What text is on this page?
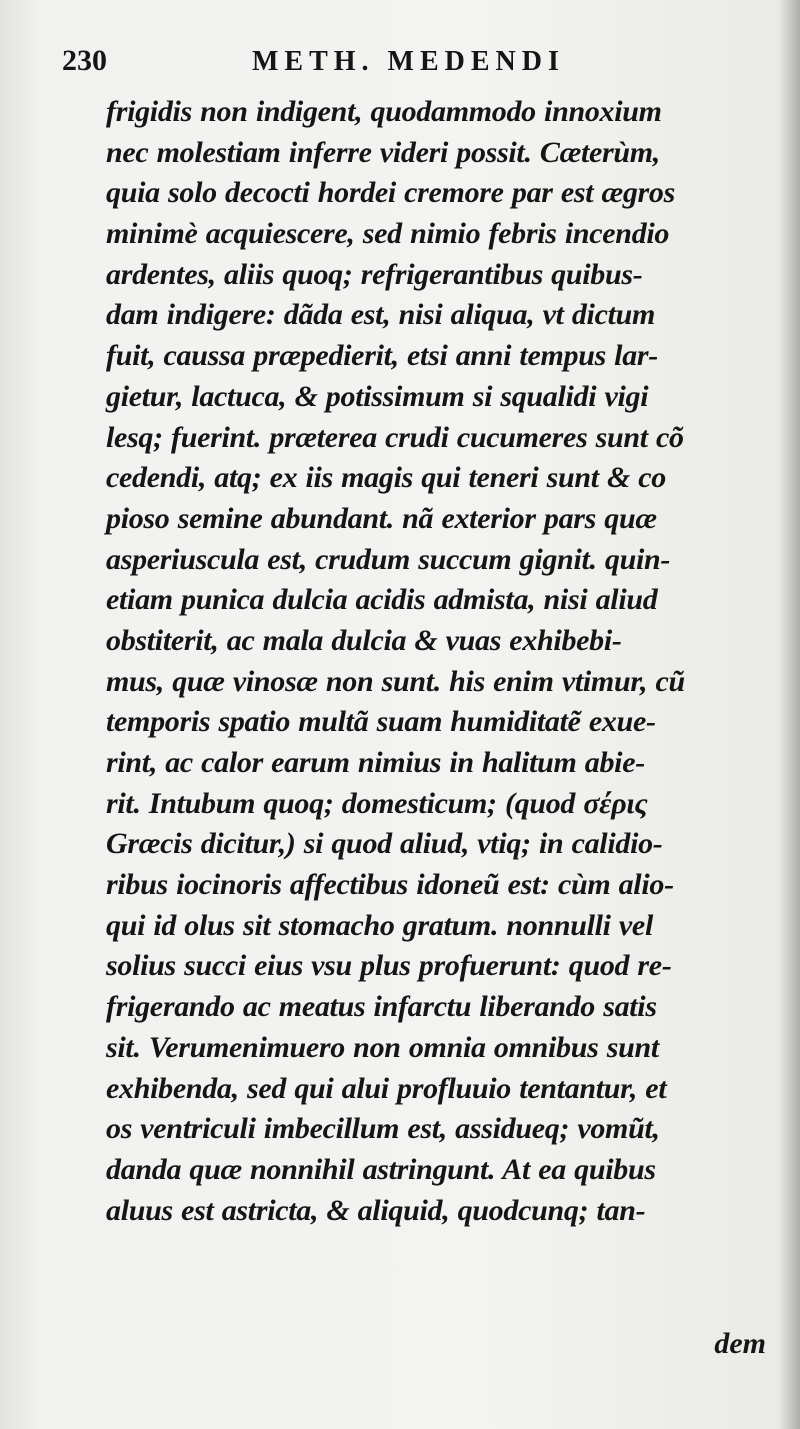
230	METH. MEDENDI
frigidis non indigent, quodammodo innoxium
nec molestiam inferre videri possit. Cæterùm,
quia solo decocti hordei cremore par est ægros
minimè acquiescere, sed nimio febris incendio
ardentes, aliis quoq; refrigerantibus quibus-
dam indigere: dãda est, nisi aliqua, vt dictum
fuit, caussa præpedierit, etsi anni tempus lar-
gietur, lactuca, & potissimum si squalidi vigi
lesq; fuerint. præterea crudi cucumeres sunt cõ
cedendi, atq; ex iis magis qui teneri sunt & co
pioso semine abundant. nã exterior pars quæ
asperiuscula est, crudum succum gignit. quin-
etiam punica dulcia acidis admista, nisi aliud
obstiterit, ac mala dulcia & vuas exhibebi-
mus, quæ vinosæ non sunt. his enim vtimur, cũ
temporis spatio multã suam humiditatẽ exue-
rint, ac calor earum nimius in halitum abie-
rit. Intubum quoq; domesticum; (quod σέρις
Græcis dicitur,) si quod aliud, vtiq; in calidio-
ribus iocinoris affectibus idoneũ est: cùm alio-
qui id olus sit stomacho gratum. nonnulli vel
solius succi eius vsu plus profuerunt: quod re-
frigerando ac meatus infarctu liberando satis
sit. Verumenimuero non omnia omnibus sunt
exhibenda, sed qui alui profluuio tentantur, et
os ventriculi imbecillum est, assidueq; vomũt,
danda quæ nonnihil astringunt. At ea quibus
aluus est astricta, & aliquid, quodcunq; tan-
dem
